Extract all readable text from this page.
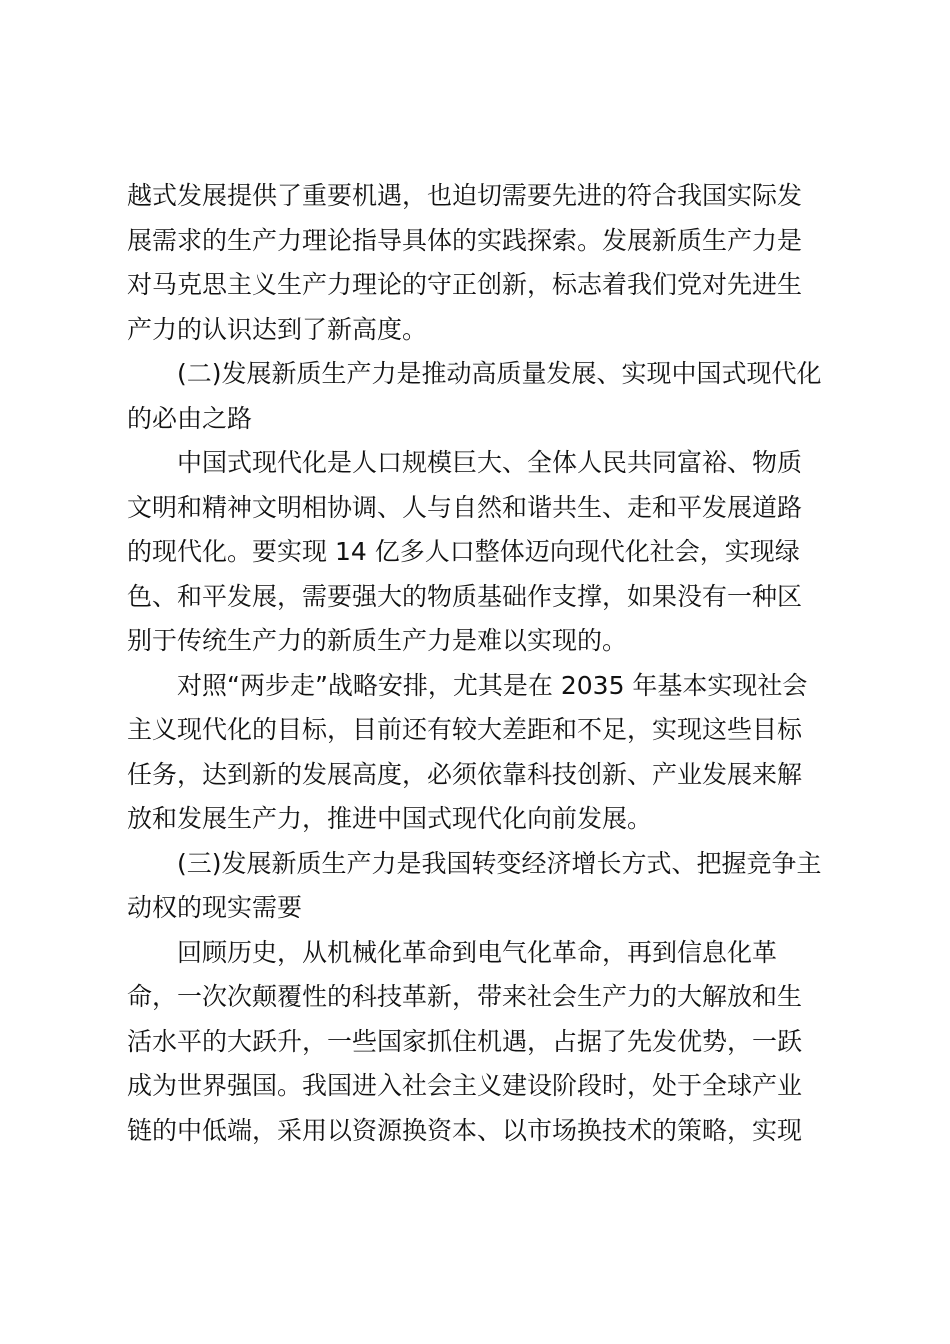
越式发展提供了重要机遇，也迫切需要先进的符合我国实际发
展需求的生产力理论指导具体的实践探索。发展新质生产力是
对马克思主义生产力理论的守正创新，标志着我们党对先进生
产力的认识达到了新高度。
(二)发展新质生产力是推动高质量发展、实现中国式现代化
的必由之路
中国式现代化是人口规模巨大、全体人民共同富裕、物质
文明和精神文明相协调、人与自然和谐共生、走和平发展道路
的现代化。要实现 14 亿多人口整体迈向现代化社会，实现绿
色、和平发展，需要强大的物质基础作支撑，如果没有一种区
别于传统生产力的新质生产力是难以实现的。
对照“两步走”战略安排，尤其是在 2035 年基本实现社会
主义现代化的目标，目前还有较大差距和不足，实现这些目标
任务，达到新的发展高度，必须依靠科技创新、产业发展来解
放和发展生产力，推进中国式现代化向前发展。
(三)发展新质生产力是我国转变经济增长方式、把握竞争主
动权的现实需要
回顾历史，从机械化革命到电气化革命，再到信息化革
命，一次次颠覆性的科技革新，带来社会生产力的大解放和生
活水平的大跃升，一些国家抓住机遇，占据了先发优势，一跃
成为世界强国。我国进入社会主义建设阶段时，处于全球产业
链的中低端，采用以资源换资本、以市场换技术的策略，实现
